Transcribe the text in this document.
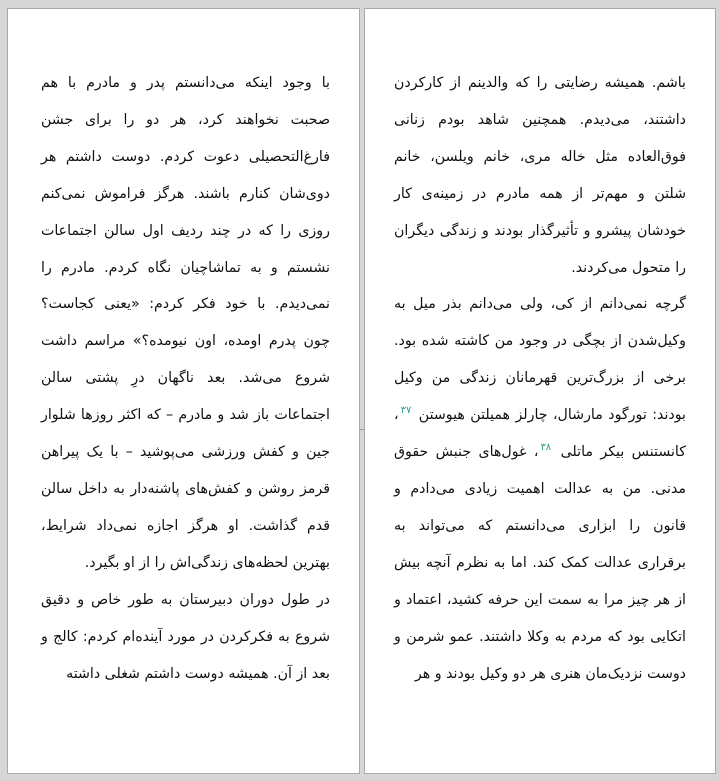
با وجود اینکه می‌دانستم پدر و مادرم با هم صحبت نخواهند کرد، هر دو را برای جشن فارغ‌التحصیلی دعوت کردم. دوست داشتم هر دوی‌شان کنارم باشند. هرگز فراموش نمی‌کنم روزی را که در چند ردیف اول سالن اجتماعات نشستم و به تماشاچیان نگاه کردم. مادرم را نمی‌دیدم. با خود فکر کردم: «یعنی کجاست؟ چون پدرم اومده، اون نیومده؟» مراسم داشت شروع می‌شد. بعد ناگهان درِ پشتی سالن اجتماعات باز شد و مادرم – که اکثر روزها شلوار جین و کفش ورزشی می‌پوشید – با یک پیراهن قرمز روشن و کفش‌های پاشنه‌دار به داخل سالن قدم گذاشت. او هرگز اجازه نمی‌داد شرایط، بهترین لحظه‌های زندگی‌اش را از او بگیرد.

در طول دوران دبیرستان به طور خاص و دقیق شروع به فکرکردن در مورد آینده‌ام کردم: کالج و بعد از آن. همیشه دوست داشتم شغلی داشته

باشم. همیشه رضایتی را که والدینم از کارکردن داشتند، می‌دیدم. همچنین شاهد بودم زنانی فوق‌العاده مثل خاله مری، خانم ویلسن، خانم شلتن و مهم‌تر از همه مادرم در زمینه‌ی کار خودشان پیشرو و تأثیرگذار بودند و زندگی دیگران را متحول می‌کردند.

گرچه نمی‌دانم از کی، ولی می‌دانم بذر میل به وکیل‌شدن از بچگی در وجود من کاشته شده بود. برخی از بزرگ‌ترین قهرمانان زندگی من وکیل بودند: تورگود مارشال، چارلز همیلتن هیوستن $^{۳۷}$، کانستنس بیکر ماتلی $^{۳۸}$، غول‌های جنبش حقوق مدنی. من به عدالت اهمیت زیادی می‌دادم و قانون را ابزاری می‌دانستم که می‌تواند به برقراری عدالت کمک کند. اما به نظرم آنچه بیش از هر چیز مرا به سمت این حرفه کشید، اعتماد و اتکایی بود که مردم به وکلا داشتند. عمو شرمن و دوست نزدیک‌مان هنری هر دو وکیل بودند و هر
